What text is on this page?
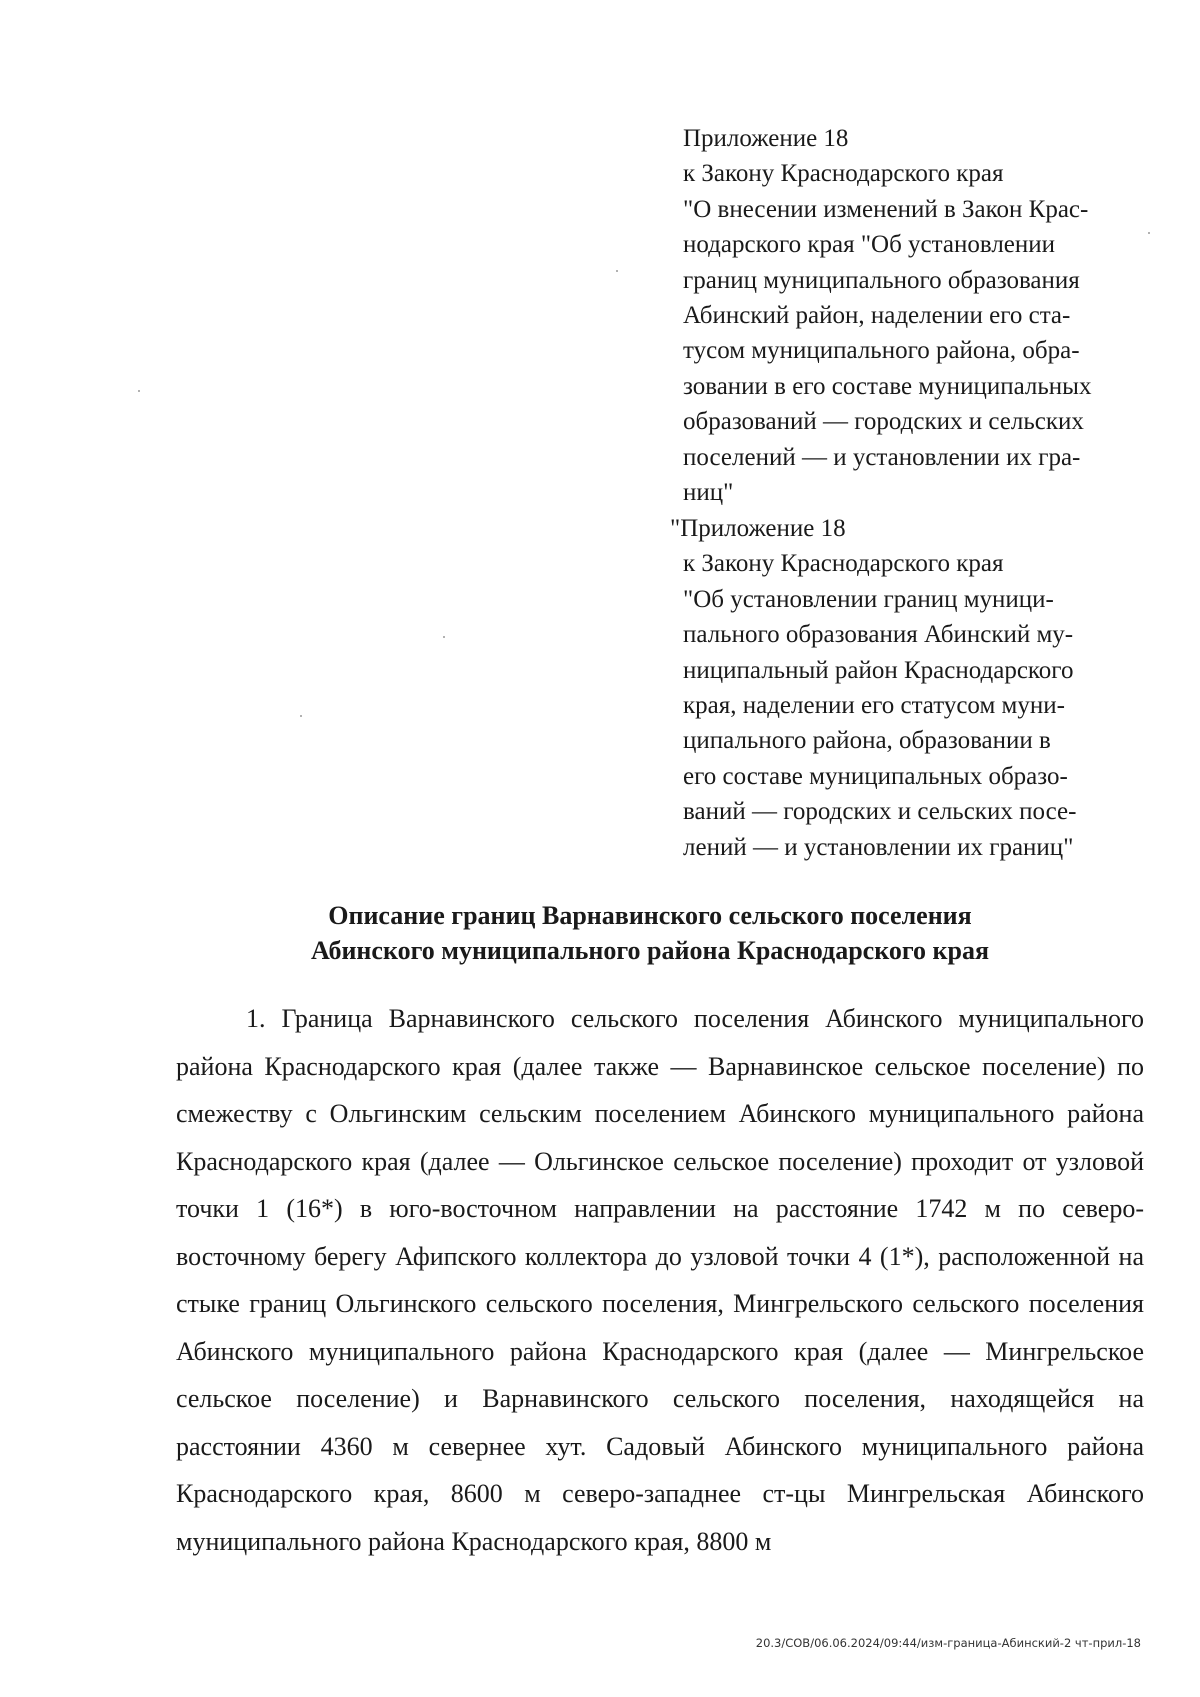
Приложение 18

к Закону Краснодарского края

"О внесении изменений в Закон Крас-

нодарского края "Об установлении

границ муниципального образования

Абинский район, наделении его ста-

тусом муниципального района, обра-

зовании в его составе муниципальных

образований — городских и сельских

поселений — и установлении их гра-

ниц"

"Приложение 18

к Закону Краснодарского края

"Об установлении границ муници-

пального образования Абинский му-

ниципальный район Краснодарского

края, наделении его статусом муни-

ципального района, образовании в

его составе муниципальных образо-

ваний — городских и сельских посе-

лений — и установлении их границ"

Описание границ Варнавинского сельского поселения
Абинского муниципального района Краснодарского края

1. Граница Варнавинского сельского поселения Абинского муниципального района Краснодарского края (далее также — Варнавинское сельское поселение) по смежеству с Ольгинским сельским поселением Абинского муниципального района Краснодарского края (далее — Ольгинское сельское поселение) проходит от узловой точки 1 (16*) в юго-восточном направлении на расстояние 1742 м по северо-восточному берегу Афипского коллектора до узловой точки 4 (1*), расположенной на стыке границ Ольгинского сельского поселения, Мингрельского сельского поселения Абинского муниципального района Краснодарского края (далее — Мингрельское сельское поселение) и Варнавинского сельского поселения, находящейся на расстоянии 4360 м севернее хут. Садовый Абинского муниципального района Краснодарского края, 8600 м северо-западнее ст-цы Мингрельская Абинского муниципального района Краснодарского края, 8800 м

20.3/СОВ/06.06.2024/09:44/изм-граница-Абинский-2 чт-прил-18
